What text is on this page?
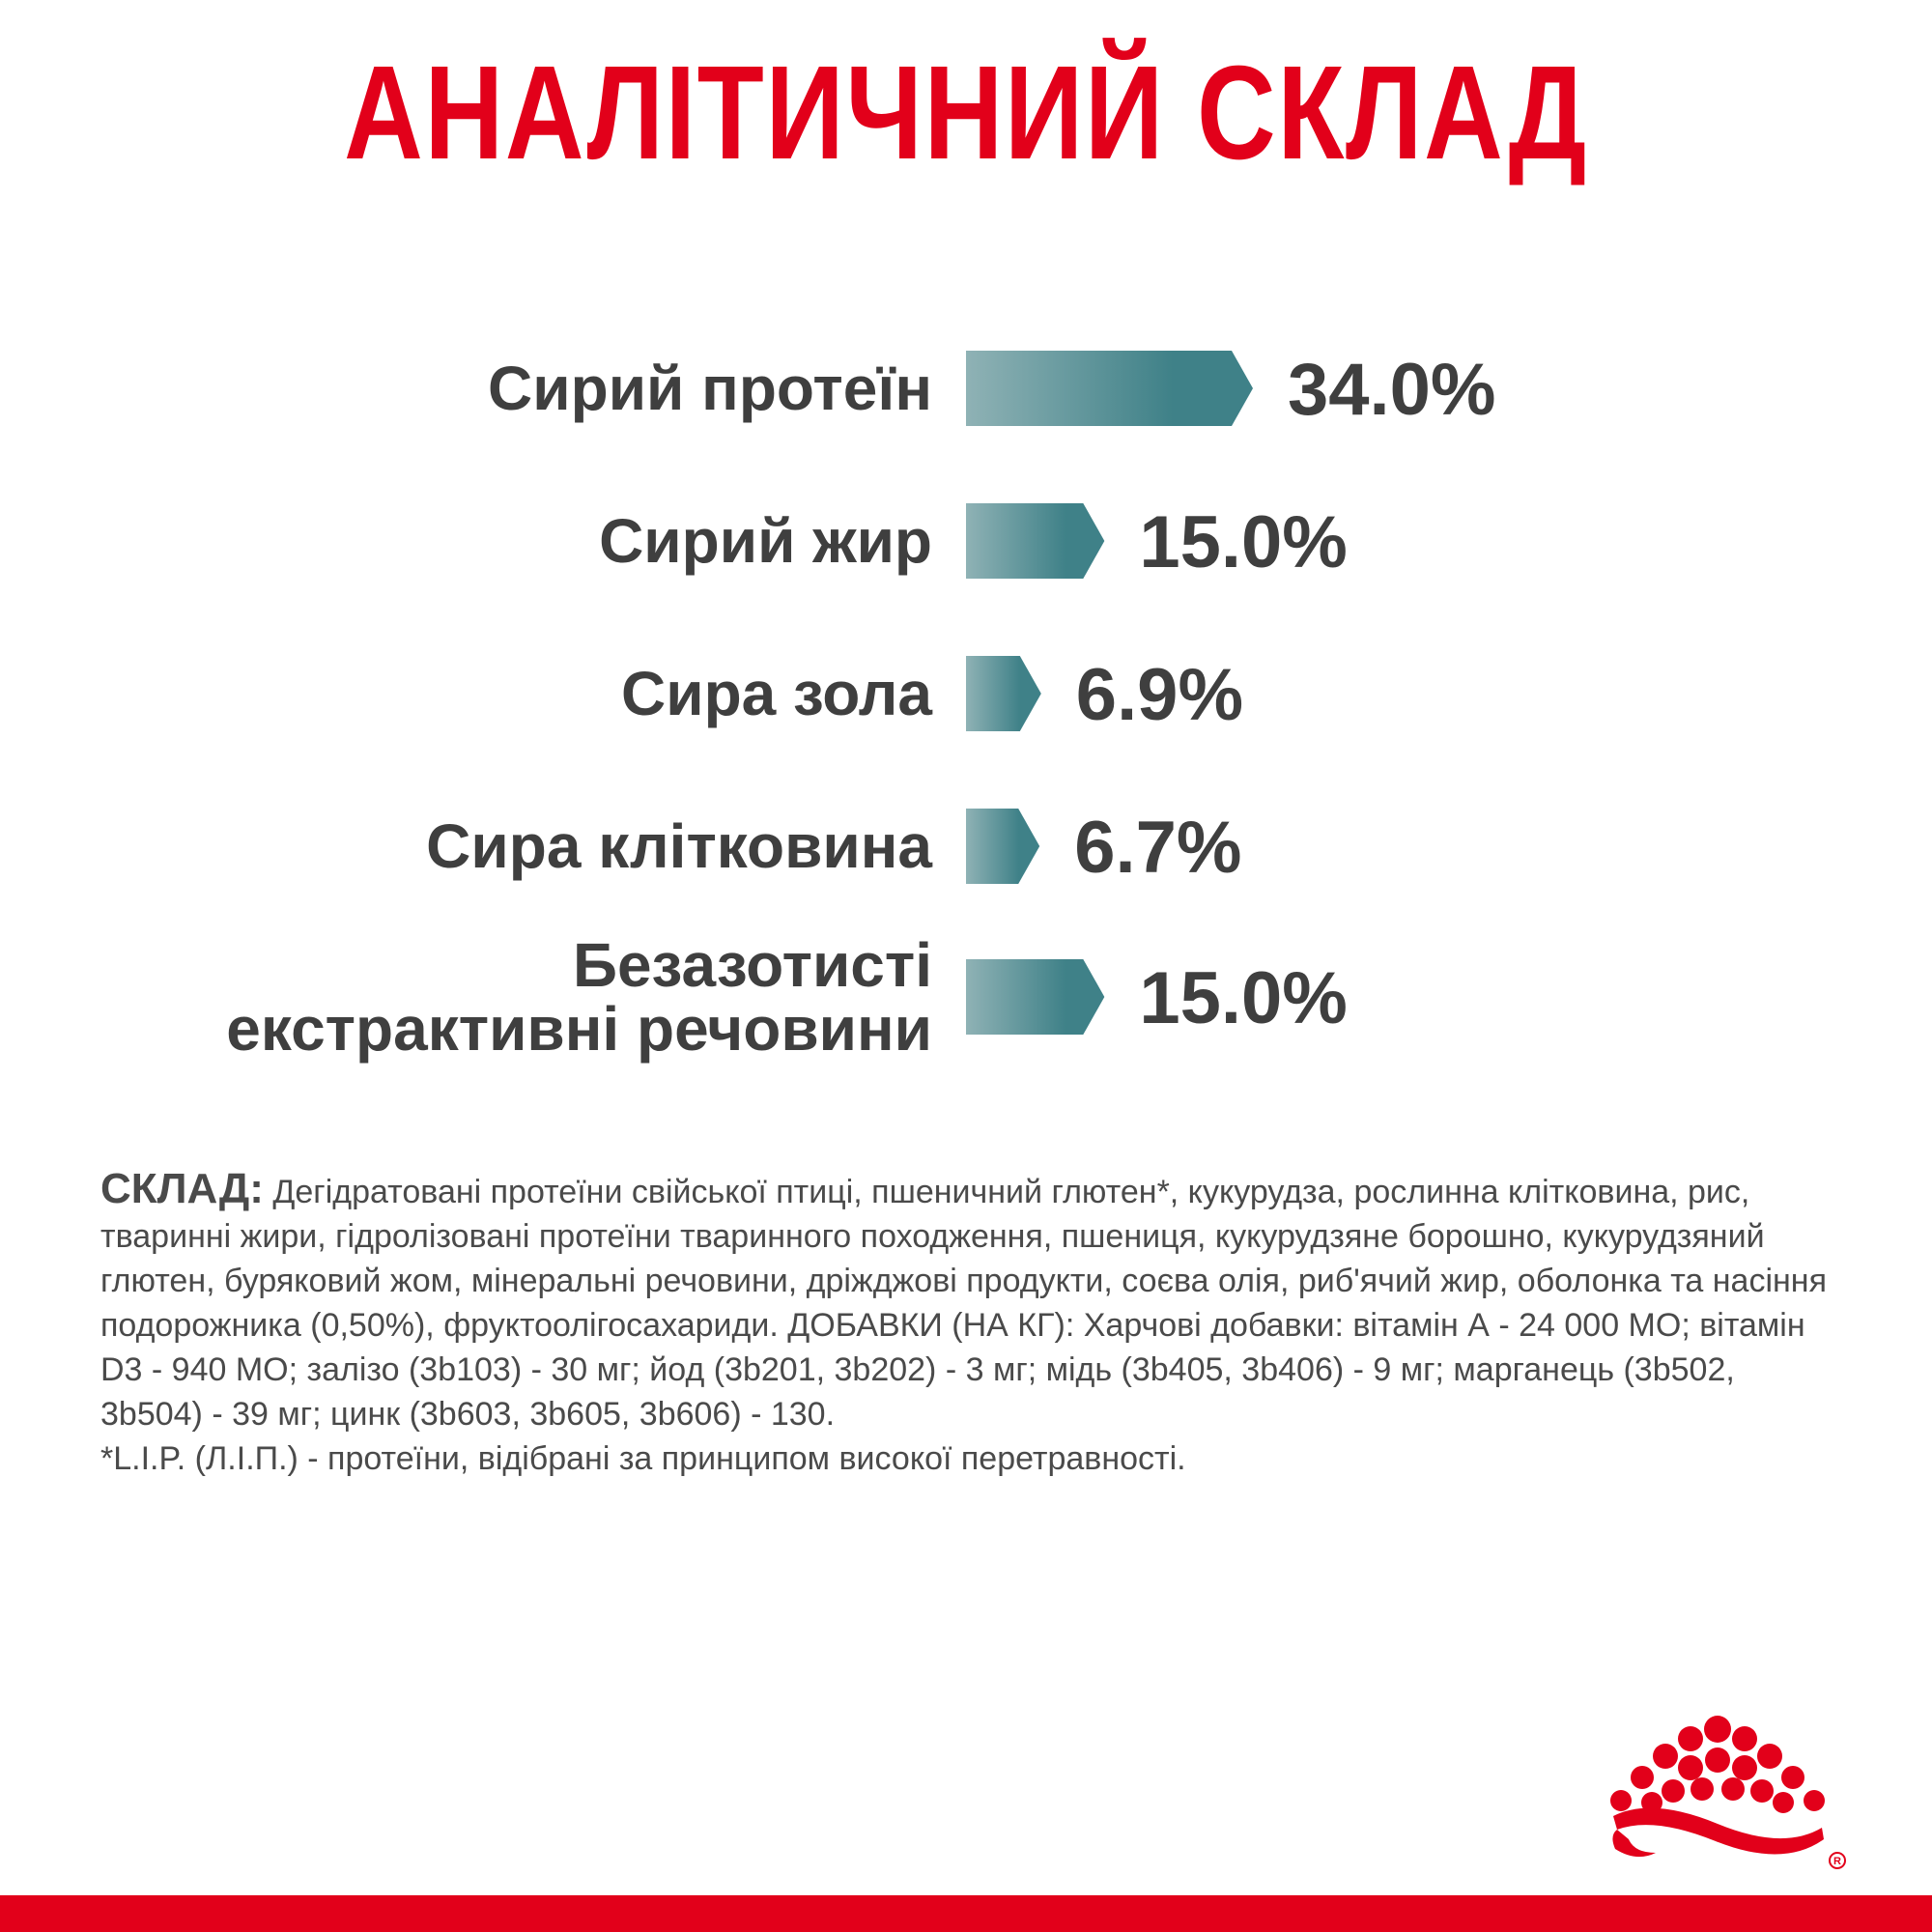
АНАЛІТИЧНИЙ СКЛАД
Сирий протеїн	34.0%
Сирий жир	15.0%
Сира зола 6.9%
Сира клітковина 6.7%
Безазотисті
екстрактивні речовини	15.0%

СКЛАД: Дегідратовані протеїни свійської птиці, пшеничний глютен*, кукурудза, рослинна клітковина, рис, тваринні жири, гідролізовані протеїни тваринного походження, пшениця, кукурудзяне борошно, кукурудзяний глютен, буряковий жом, мінеральні речовини, дріжджові продукти, соєва олія, риб'ячий жир, оболонка та насіння подорожника (0,50%), фруктоолігосахариди. ДОБАВКИ (НА КГ): Харчові добавки: вітамін А - 24 000 МО; вітамін D3 - 940 МО; залізо (3b103) - 30 мг; йод (3b201, 3b202) - 3 мг; мідь (3b405, 3b406) - 9 мг; марганець (3b502, 3b504) - 39 мг; цинк (3b603, 3b605, 3b606) - 130.
*L.I.P. (Л.І.П.) - протеїни, відібрані за принципом високої перетравності.

R
